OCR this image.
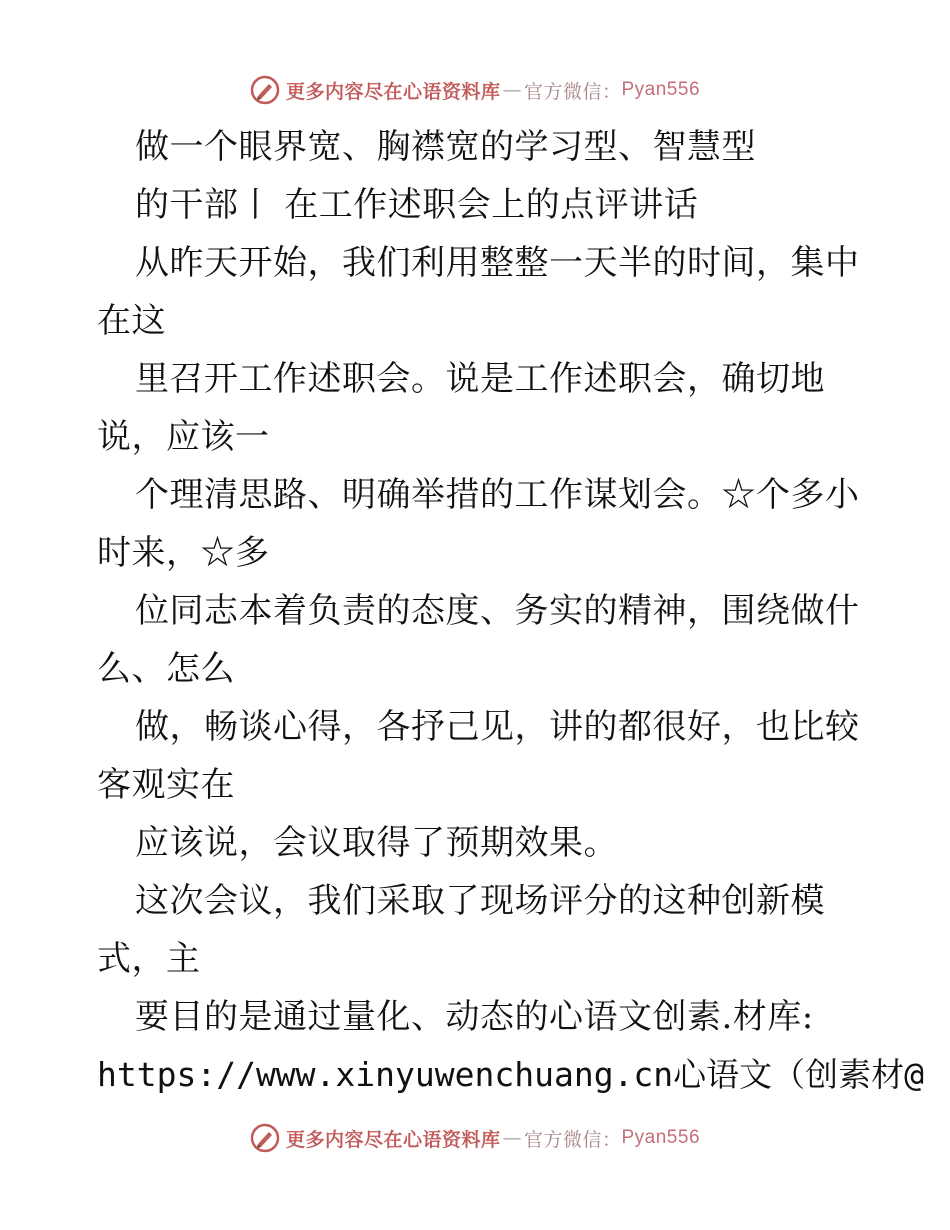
更多内容尽在心语资料库 — 官方微信： Pyan556
做一个眼界宽、胸襟宽的学习型、智慧型
的干部丨 在工作述职会上的点评讲话
从昨天开始，我们利用整整一天半的时间，集中
在这
里召开工作述职会。说是工作述职会，确切地
说，应该一
个理清思路、明确举措的工作谋划会。☆个多小
时来，☆多
位同志本着负责的态度、务实的精神，围绕做什
么、怎么
做，畅谈心得，各抒己见，讲的都很好，也比较
客观实在
应该说，会议取得了预期效果。
这次会议，我们采取了现场评分的这种创新模
式，主
要目的是通过量化、动态的心语文创素.材库:
https://www.xinyuwenchuang.cn心语文（创素材@
更多内容尽在心语资料库 — 官方微信： Pyan556
